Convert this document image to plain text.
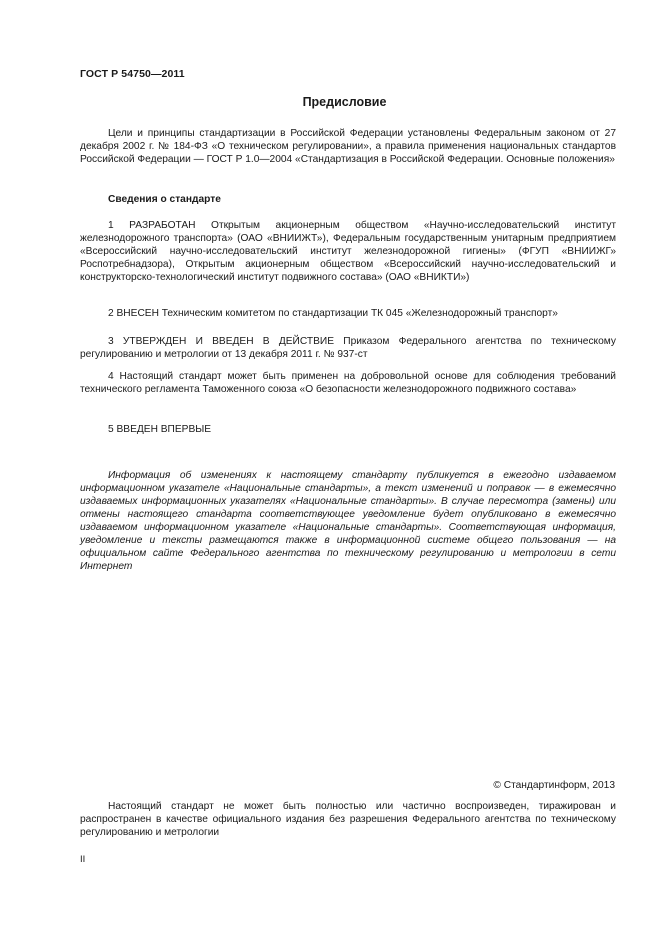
ГОСТ Р 54750—2011
Предисловие
Цели и принципы стандартизации в Российской Федерации установлены Федеральным законом от 27 декабря 2002 г. № 184-ФЗ «О техническом регулировании», а правила применения национальных стандартов Российской Федерации — ГОСТ Р 1.0—2004 «Стандартизация в Российской Федерации. Основные положения»
Сведения о стандарте
1 РАЗРАБОТАН Открытым акционерным обществом «Научно-исследовательский институт железнодорожного транспорта» (ОАО «ВНИИЖТ»), Федеральным государственным унитарным предприятием «Всероссийский научно-исследовательский институт железнодорожной гигиены» (ФГУП «ВНИИЖГ» Роспотребнадзора), Открытым акционерным обществом «Всероссийский научно-исследовательский и конструкторско-технологический институт подвижного состава» (ОАО «ВНИКТИ»)
2 ВНЕСЕН Техническим комитетом по стандартизации ТК 045 «Железнодорожный транспорт»
3 УТВЕРЖДЕН И ВВЕДЕН В ДЕЙСТВИЕ Приказом Федерального агентства по техническому регулированию и метрологии от 13 декабря 2011 г. № 937-ст
4 Настоящий стандарт может быть применен на добровольной основе для соблюдения требований технического регламента Таможенного союза «О безопасности железнодорожного подвижного состава»
5 ВВЕДЕН ВПЕРВЫЕ
Информация об изменениях к настоящему стандарту публикуется в ежегодно издаваемом информационном указателе «Национальные стандарты», а текст изменений и поправок — в ежемесячно издаваемых информационных указателях «Национальные стандарты». В случае пересмотра (замены) или отмены настоящего стандарта соответствующее уведомление будет опубликовано в ежемесячно издаваемом информационном указателе «Национальные стандарты». Соответствующая информация, уведомление и тексты размещаются также в информационной системе общего пользования — на официальном сайте Федерального агентства по техническому регулированию и метрологии в сети Интернет
© Стандартинформ, 2013
Настоящий стандарт не может быть полностью или частично воспроизведен, тиражирован и распространен в качестве официального издания без разрешения Федерального агентства по техническому регулированию и метрологии
II
